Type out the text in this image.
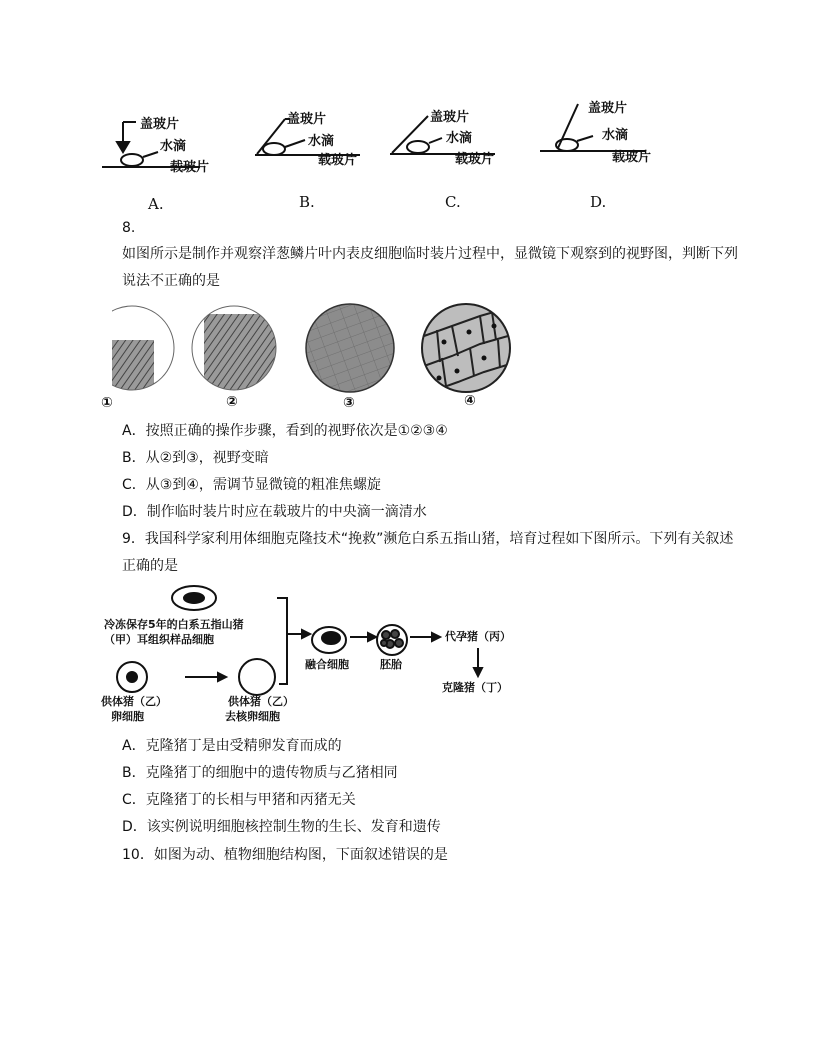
盖玻片
水滴
载玻片
盖玻片
水滴
载玻片
盖玻片
水滴
载玻片
盖玻片
水滴
载玻片
A.	B.	C.	D.
8.
如图所示是制作并观察洋葱鳞片叶内表皮细胞临时装片过程中，显微镜下观察到的视野图，判断下列
说法不正确的是
①	②	③	④
A．按照正确的操作步骤，看到的视野依次是①②③④
B．从②到③，视野变暗
C．从③到④，需调节显微镜的粗准焦螺旋
D．制作临时装片时应在载玻片的中央滴一滴清水
9．我国科学家利用体细胞克隆技术“挽救”濒危白系五指山猪，培育过程如下图所示。下列有关叙述
正确的是
冷冻保存5年的白系五指山猪
（甲）耳组织样品细胞
供体猪（乙）
卵细胞
供体猪（乙）
去核卵细胞
融合细胞	胚胎
代孕猪（丙）
克隆猪（丁）
A．克隆猪丁是由受精卵发育而成的
B．克隆猪丁的细胞中的遗传物质与乙猪相同
C．克隆猪丁的长相与甲猪和丙猪无关
D．该实例说明细胞核控制生物的生长、发育和遗传
10．如图为动、植物细胞结构图，下面叙述错误的是
